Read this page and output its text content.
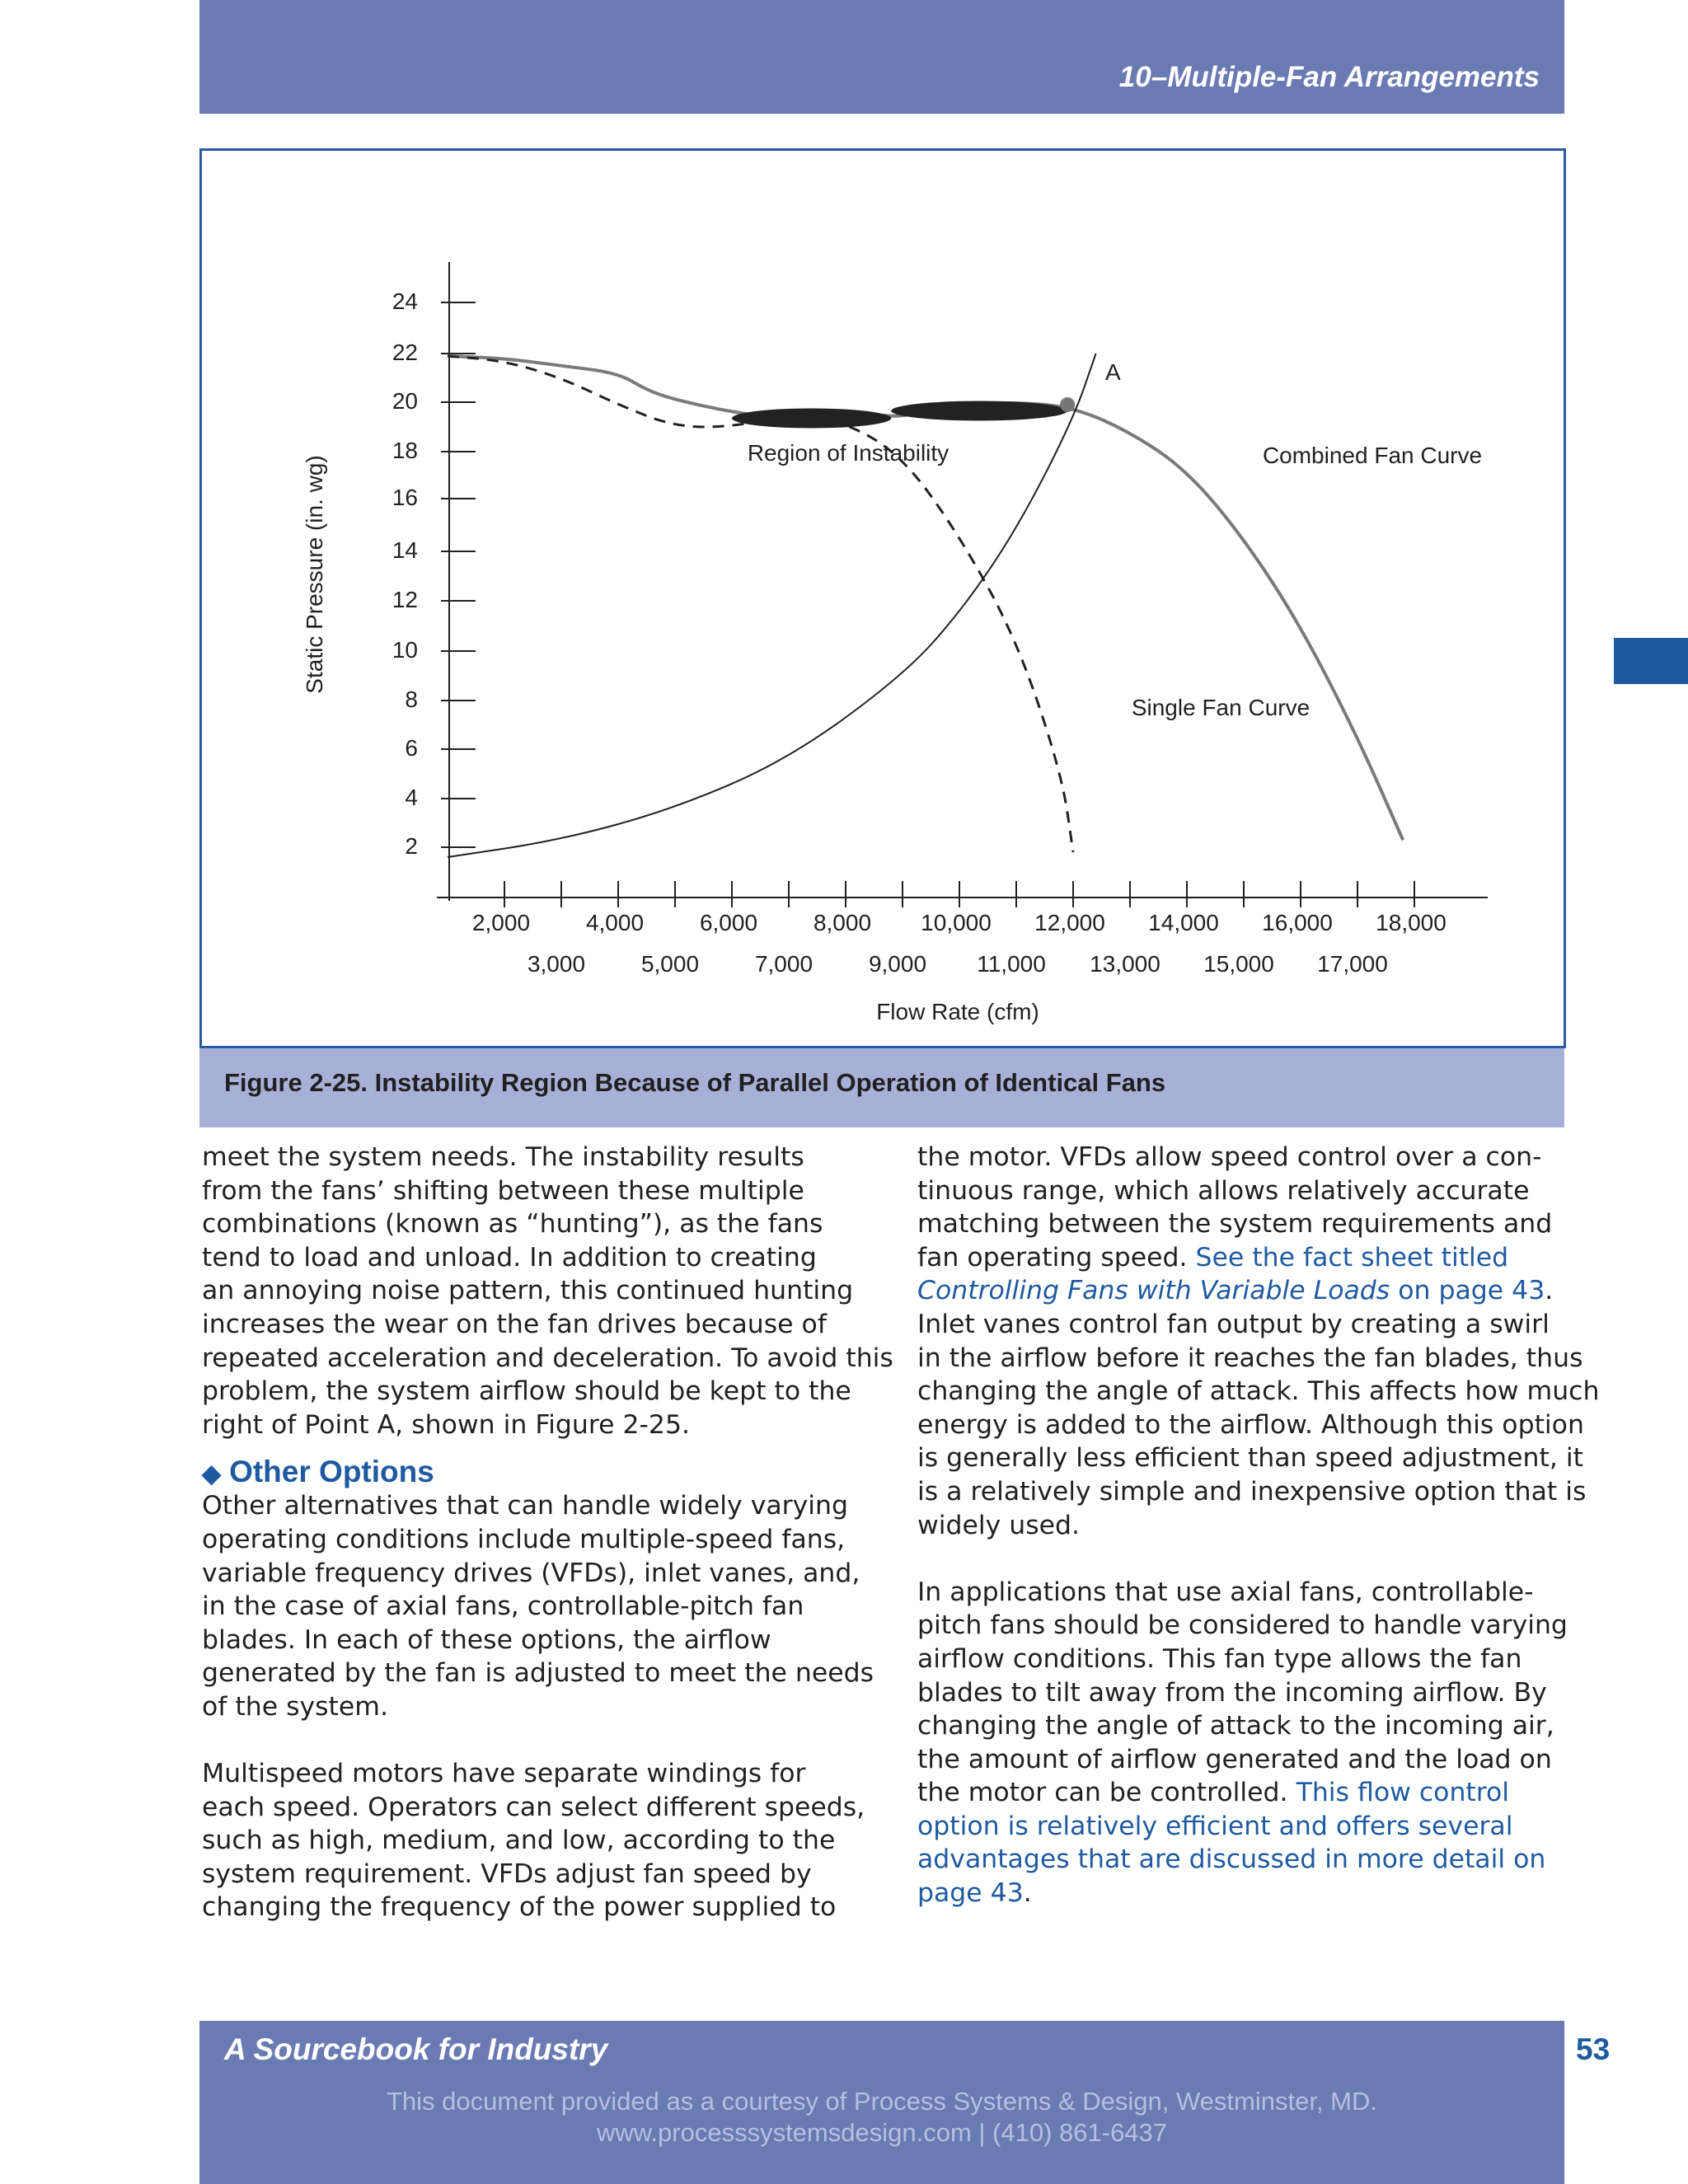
10–Multiple-Fan Arrangements
24
22
20
18
16
14
12
10
8
6
4
2
2,000 4,000 6,000 8,000 10,000 12,000 14,000 16,000 18,000
3,000 5,000 7,000 9,000 11,000 13,000 15,000 17,000
Flow Rate (cfm)
Static Pressure (in. wg)
A
Region of Instability	Combined Fan Curve
Single Fan Curve
Figure 2-25. Instability Region Because of Parallel Operation of Identical Fans

meet the system needs. The instability results

from the fans’ shifting between these multiple

combinations (known as “hunting”), as the fans

tend to load and unload. In addition to creating

an annoying noise pattern, this continued hunting

increases the wear on the fan drives because of

repeated acceleration and deceleration. To avoid this

problem, the system airflow should be kept to the

right of Point A, shown in Figure 2-25.

◆ Other Options

Other alternatives that can handle widely varying

operating conditions include multiple-speed fans,

variable frequency drives (VFDs), inlet vanes, and,

in the case of axial fans, controllable-pitch fan

blades. In each of these options, the airflow

generated by the fan is adjusted to meet the needs

of the system.

Multispeed motors have separate windings for

each speed. Operators can select different speeds,

such as high, medium, and low, according to the

system requirement. VFDs adjust fan speed by

changing the frequency of the power supplied to

the motor. VFDs allow speed control over a con-

tinuous range, which allows relatively accurate

matching between the system requirements and

fan operating speed. See the fact sheet titled

Controlling Fans with Variable Loads on page 43.

Inlet vanes control fan output by creating a swirl

in the airflow before it reaches the fan blades, thus

changing the angle of attack. This affects how much

energy is added to the airflow. Although this option

is generally less efficient than speed adjustment, it

is a relatively simple and inexpensive option that is

widely used.

In applications that use axial fans, controllable-

pitch fans should be considered to handle varying

airflow conditions. This fan type allows the fan

blades to tilt away from the incoming airflow. By

changing the angle of attack to the incoming air,

the amount of airflow generated and the load on

the motor can be controlled. This flow control

option is relatively efficient and offers several

advantages that are discussed in more detail on

page 43.

A Sourcebook for Industry
This document provided as a courtesy of Process Systems & Design, Westminster, MD.
www.processsystemsdesign.com | (410) 861-6437
53
